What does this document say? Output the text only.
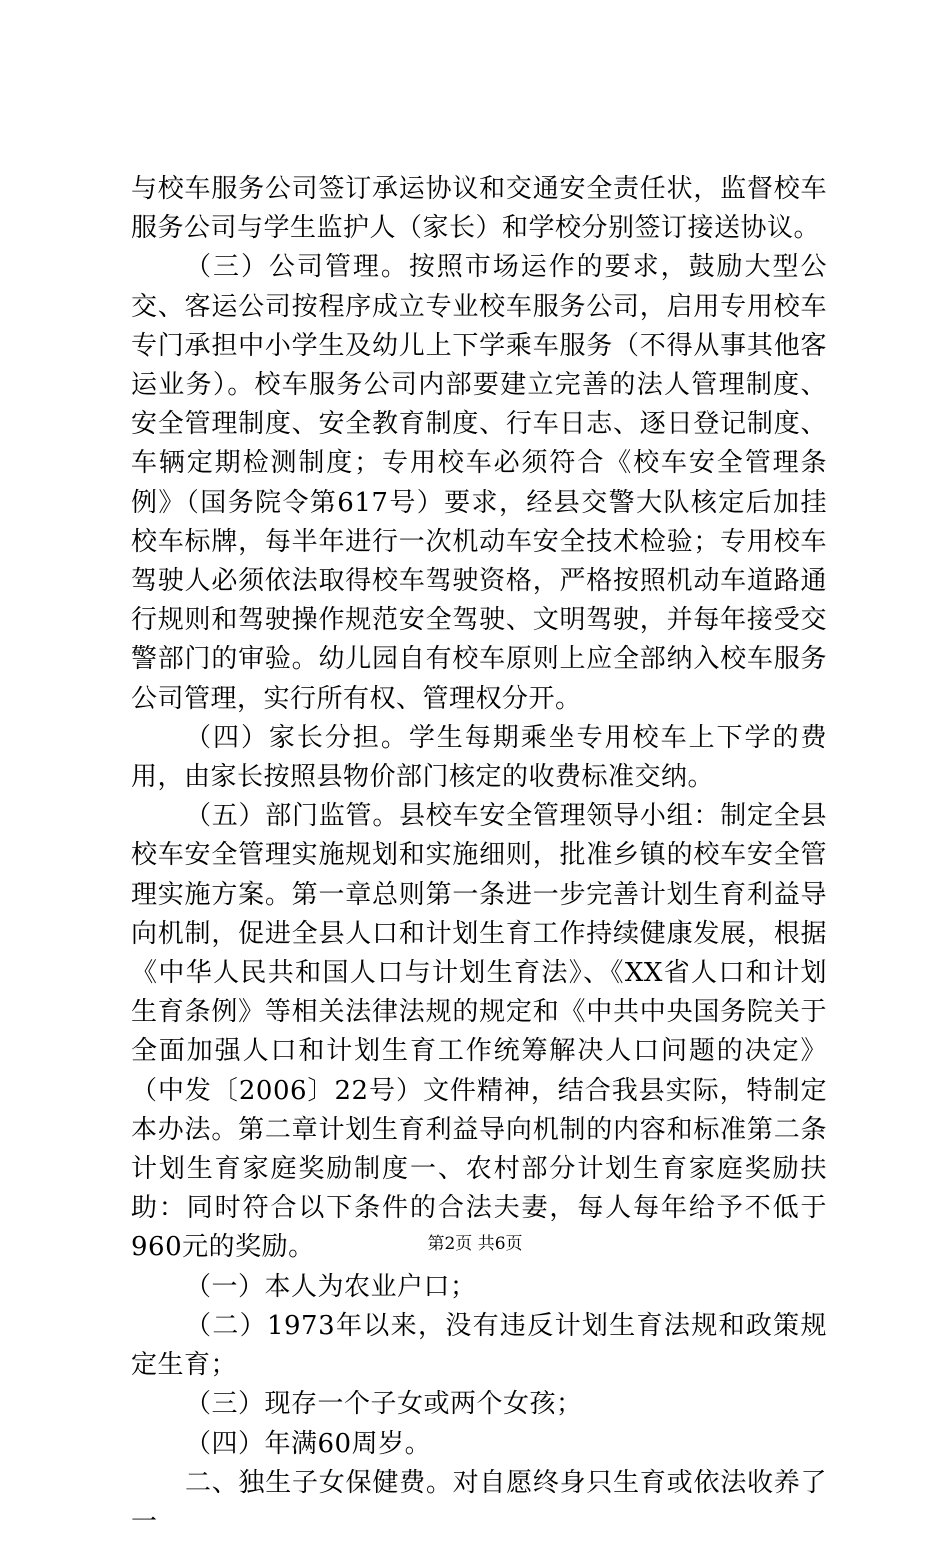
与校车服务公司签订承运协议和交通安全责任状，监督校车服务公司与学生监护人（家长）和学校分别签订接送协议。

（三）公司管理。按照市场运作的要求，鼓励大型公交、客运公司按程序成立专业校车服务公司，启用专用校车专门承担中小学生及幼儿上下学乘车服务（不得从事其他客运业务）。校车服务公司内部要建立完善的法人管理制度、安全管理制度、安全教育制度、行车日志、逐日登记制度、车辆定期检测制度；专用校车必须符合《校车安全管理条例》（国务院令第617号）要求，经县交警大队核定后加挂校车标牌，每半年进行一次机动车安全技术检验；专用校车驾驶人必须依法取得校车驾驶资格，严格按照机动车道路通行规则和驾驶操作规范安全驾驶、文明驾驶，并每年接受交警部门的审验。幼儿园自有校车原则上应全部纳入校车服务公司管理，实行所有权、管理权分开。

（四）家长分担。学生每期乘坐专用校车上下学的费用，由家长按照县物价部门核定的收费标准交纳。

（五）部门监管。县校车安全管理领导小组：制定全县校车安全管理实施规划和实施细则，批准乡镇的校车安全管理实施方案。第一章总则第一条进一步完善计划生育利益导向机制，促进全县人口和计划生育工作持续健康发展，根据《中华人民共和国人口与计划生育法》、《XX省人口和计划生育条例》等相关法律法规的规定和《中共中央国务院关于全面加强人口和计划生育工作统筹解决人口问题的决定》（中发〔2006〕22号）文件精神，结合我县实际，特制定本办法。第二章计划生育利益导向机制的内容和标准第二条计划生育家庭奖励制度一、农村部分计划生育家庭奖励扶助：同时符合以下条件的合法夫妻，每人每年给予不低于960元的奖励。

（一）本人为农业户口；

（二）1973年以来，没有违反计划生育法规和政策规定生育；

（三）现存一个子女或两个女孩；

（四）年满60周岁。

二、独生子女保健费。对自愿终身只生育或依法收养了一

第2页 共6页
